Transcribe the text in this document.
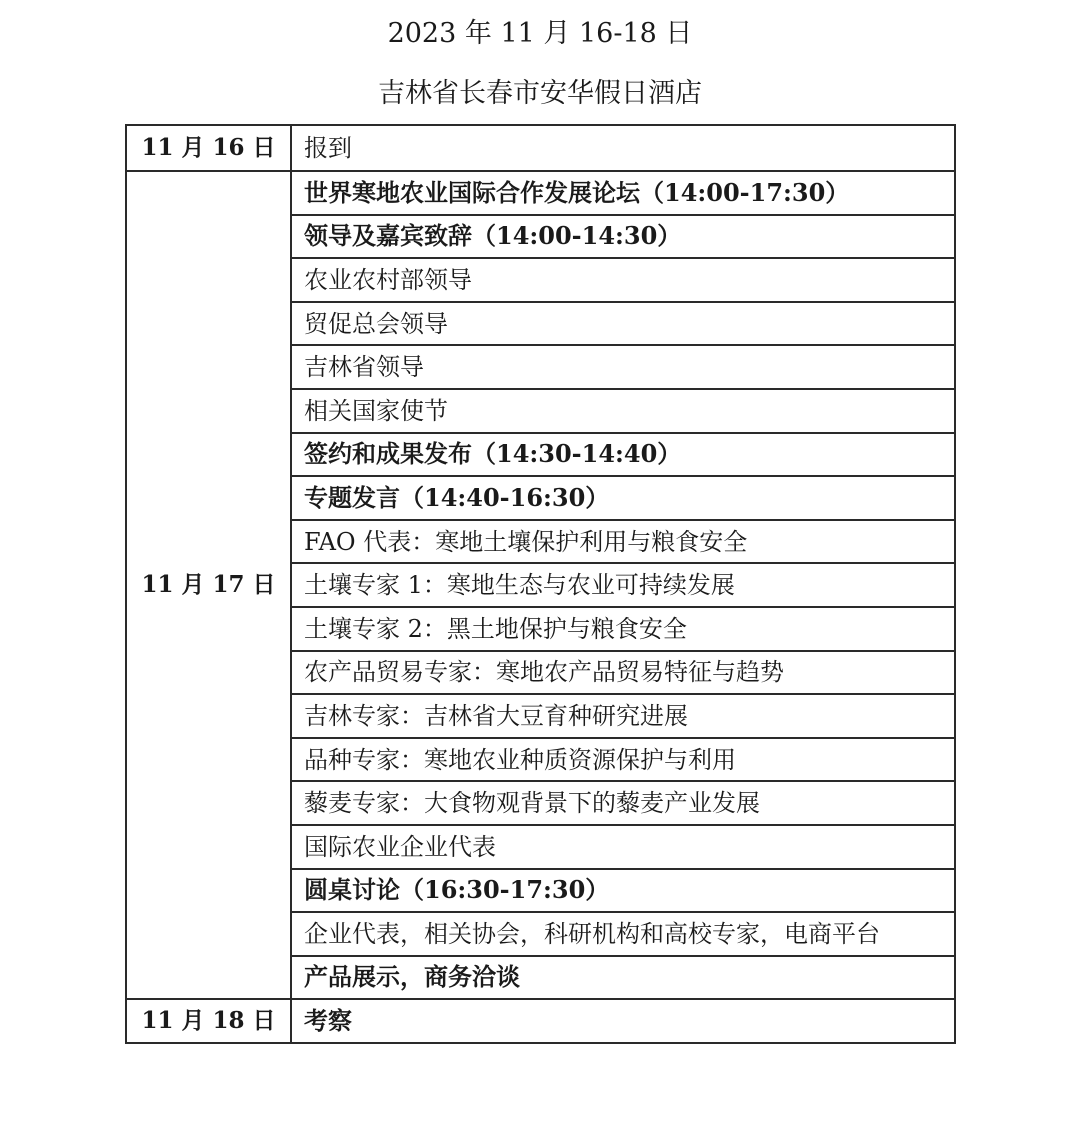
2023 年 11 月 16-18 日
吉林省长春市安华假日酒店
11 月 16 日	报到
11 月 17 日	世界寒地农业国际合作发展论坛（14:00-17:30）
	领导及嘉宾致辞（14:00-14:30）
	农业农村部领导
	贸促总会领导
	吉林省领导
	相关国家使节
	签约和成果发布（14:30-14:40）
	专题发言（14:40-16:30）
	FAO 代表：寒地土壤保护利用与粮食安全
	土壤专家 1：寒地生态与农业可持续发展
	土壤专家 2：黑土地保护与粮食安全
	农产品贸易专家：寒地农产品贸易特征与趋势
	吉林专家：吉林省大豆育种研究进展
	品种专家：寒地农业种质资源保护与利用
	藜麦专家：大食物观背景下的藜麦产业发展
	国际农业企业代表
	圆桌讨论（16:30-17:30）
	企业代表，相关协会，科研机构和高校专家，电商平台
	产品展示，商务洽谈
11 月 18 日	考察
